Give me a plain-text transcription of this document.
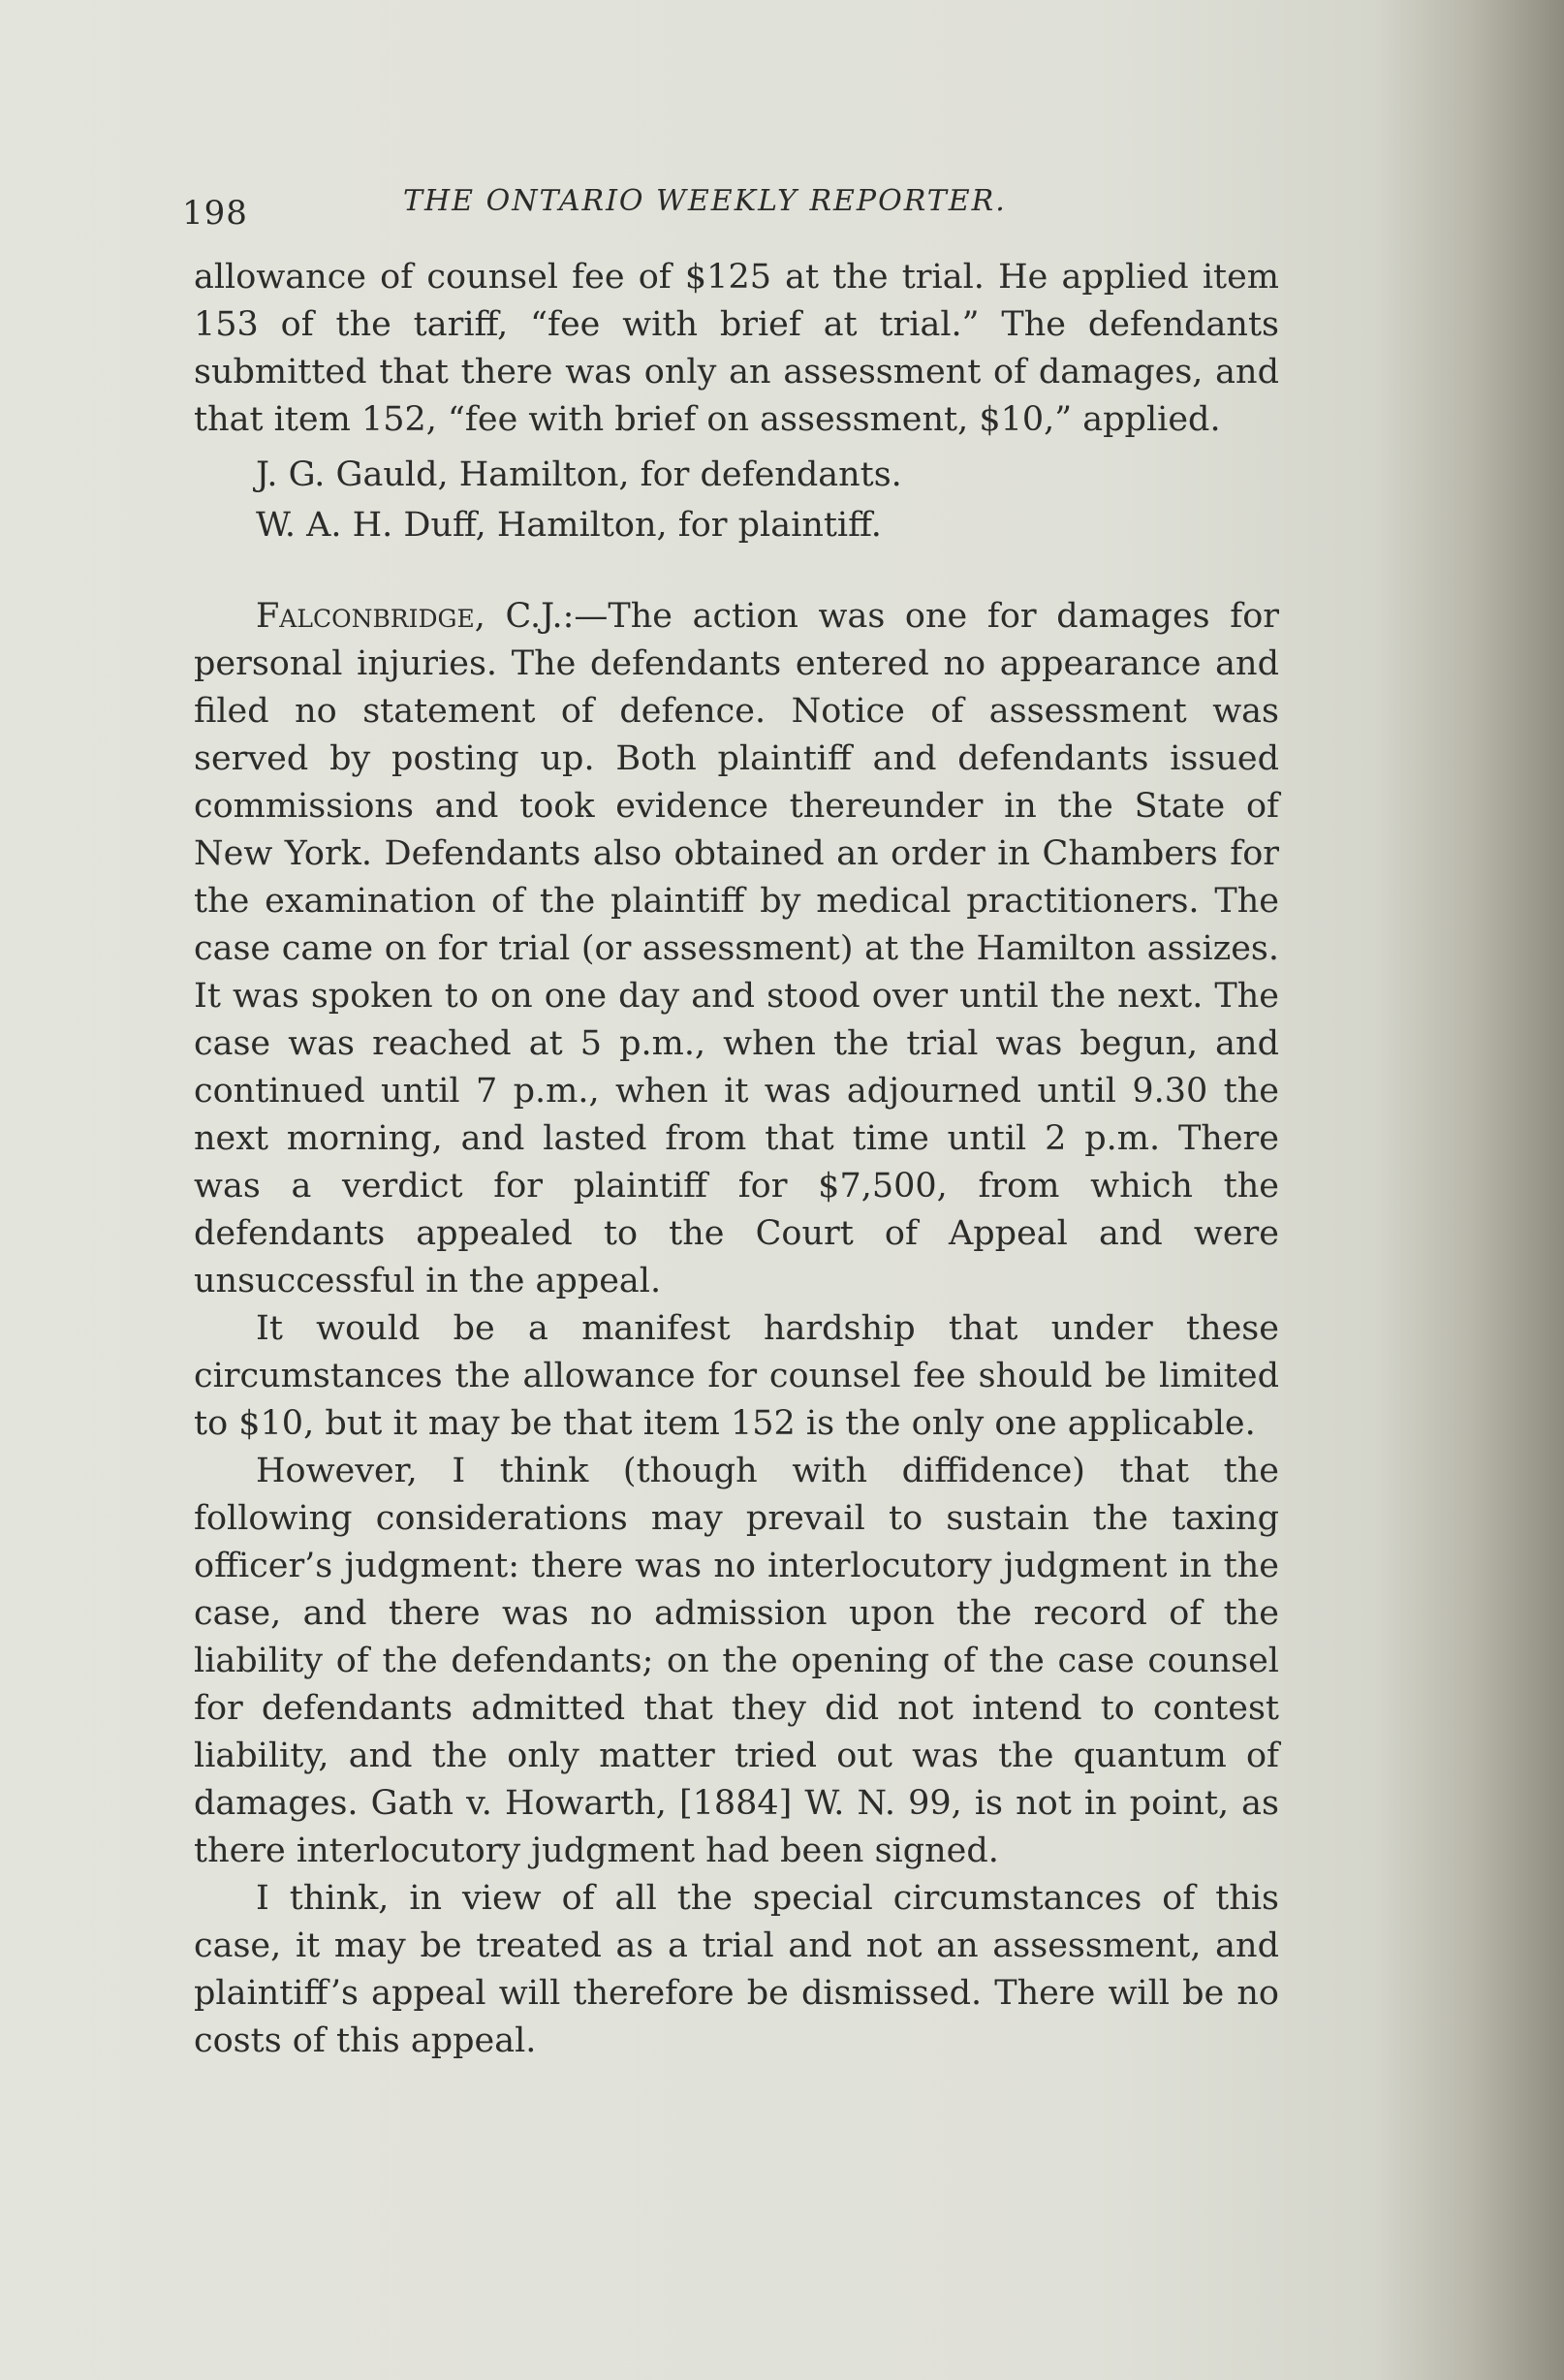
198	THE ONTARIO WEEKLY REPORTER.

allowance of counsel fee of $125 at the trial. He applied item 153 of the tariff, “fee with brief at trial.” The defendants submitted that there was only an assessment of damages, and that item 152, “fee with brief on assessment, $10,” applied.

J. G. Gauld, Hamilton, for defendants.

W. A. H. Duff, Hamilton, for plaintiff.

Falconbridge, C.J.:—The action was one for damages for personal injuries. The defendants entered no appearance and filed no statement of defence. Notice of assessment was served by posting up. Both plaintiff and defendants issued commissions and took evidence thereunder in the State of New York. Defendants also obtained an order in Chambers for the examination of the plaintiff by medical practitioners. The case came on for trial (or assessment) at the Hamilton assizes. It was spoken to on one day and stood over until the next. The case was reached at 5 p.m., when the trial was begun, and continued until 7 p.m., when it was adjourned until 9.30 the next morning, and lasted from that time until 2 p.m. There was a verdict for plaintiff for $7,500, from which the defendants appealed to the Court of Appeal and were unsuccessful in the appeal.

It would be a manifest hardship that under these circumstances the allowance for counsel fee should be limited to $10, but it may be that item 152 is the only one applicable.

However, I think (though with diffidence) that the following considerations may prevail to sustain the taxing officer’s judgment: there was no interlocutory judgment in the case, and there was no admission upon the record of the liability of the defendants; on the opening of the case counsel for defendants admitted that they did not intend to contest liability, and the only matter tried out was the quantum of damages. Gath v. Howarth, [1884] W. N. 99, is not in point, as there interlocutory judgment had been signed.

I think, in view of all the special circumstances of this case, it may be treated as a trial and not an assessment, and plaintiff’s appeal will therefore be dismissed. There will be no costs of this appeal.
